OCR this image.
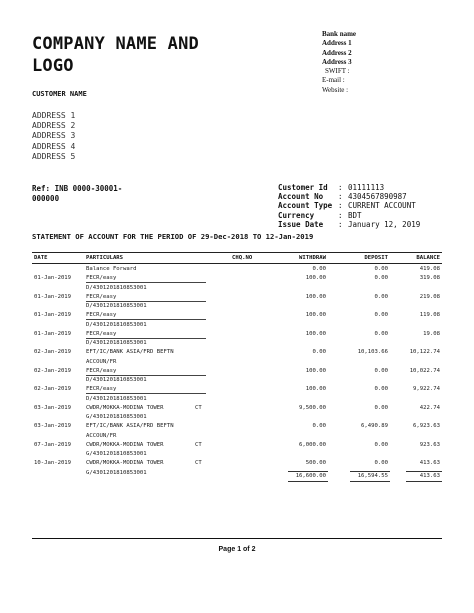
COMPANY NAME AND
LOGO
Bank name
Address 1
Address 2
Address 3
SWIFT :
E-mail :
Website :
CUSTOMER NAME
ADDRESS 1
ADDRESS 2
ADDRESS 3
ADDRESS 4
ADDRESS 5
Ref: INB 0000-30001-
000000
Customer Id : 01111113
Account No : 4304567890987
Account Type : CURRENT ACCOUNT
Currency	: BDT
Issue Date : January 12, 2019
STATEMENT OF ACCOUNT FOR THE PERIOD OF 29-Dec-2018 TO 12-Jan-2019
DATE	PARTICULARS	CHQ.NO	WITHDRAW	DEPOSIT	BALANCE
Balance Forward	0.00	0.00	419.08
01-Jan-2019	FECR/easy	100.00	0.00	319.08
D/4301201810853001
01-Jan-2019	FECR/easy	100.00	0.00	219.08
D/4301201810853001
01-Jan-2019	FECR/easy	100.00	0.00	119.08
D/4301201810853001
01-Jan-2019	FECR/easy	100.00	0.00	19.08
D/4301201810853001
02-Jan-2019	EFT/IC/BANK ASIA/FRD BEFTN	0.00	10,103.66	10,122.74
ACCOUN/FR
02-Jan-2019	FECR/easy	100.00	0.00	10,022.74
D/4301201810853001
02-Jan-2019	FECR/easy	100.00	0.00	9,922.74
D/4301201810853001
03-Jan-2019	CWDR/MOKKA-MODINA TOWER	CT	9,500.00	0.00	422.74
G/4301201810853001
03-Jan-2019	EFT/IC/BANK ASIA/FRD BEFTN	0.00	6,490.89	6,923.63
ACCOUN/FR
07-Jan-2019	CWDR/MOKKA-MODINA TOWER	CT	6,000.00	0.00	923.63
G/4301201810853001
10-Jan-2019	CWDR/MOKKA-MODINA TOWER	CT	500.00	0.00	413.63
G/4301201810853001
16,600.00	16,594.55	413.63
Page 1 of 2
